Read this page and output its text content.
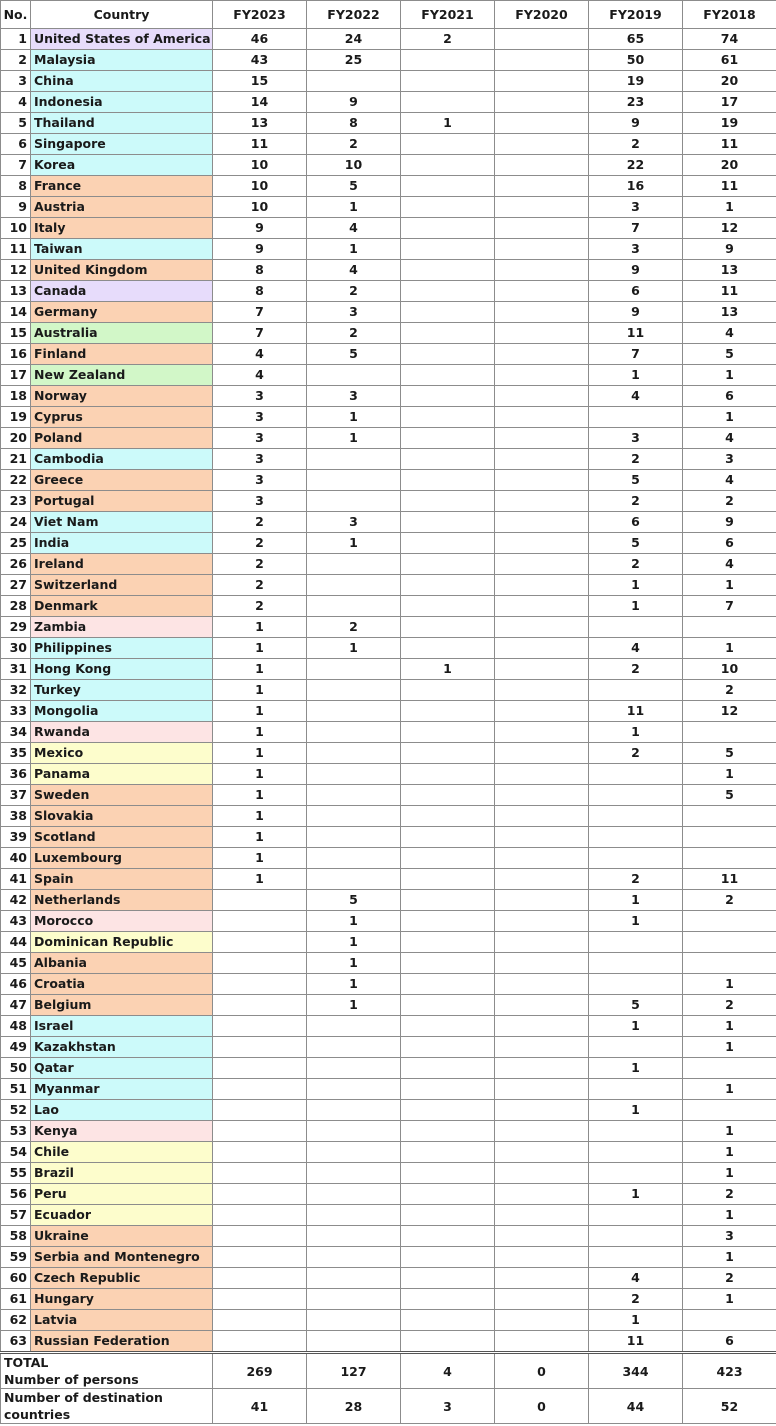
No.	Country	FY2023	FY2022	FY2021	FY2020	FY2019	FY2018
1	United States of America	46	24	2		65	74
2	Malaysia	43	25			50	61
3	China	15				19	20
4	Indonesia	14	9			23	17
5	Thailand	13	8	1		9	19
6	Singapore	11	2			2	11
7	Korea	10	10			22	20
8	France	10	5			16	11
9	Austria	10	1			3	1
10	Italy	9	4			7	12
11	Taiwan	9	1			3	9
12	United Kingdom	8	4			9	13
13	Canada	8	2			6	11
14	Germany	7	3			9	13
15	Australia	7	2			11	4
16	Finland	4	5			7	5
17	New Zealand	4				1	1
18	Norway	3	3			4	6
19	Cyprus	3	1				1
20	Poland	3	1			3	4
21	Cambodia	3				2	3
22	Greece	3				5	4
23	Portugal	3				2	2
24	Viet Nam	2	3			6	9
25	India	2	1			5	6
26	Ireland	2				2	4
27	Switzerland	2				1	1
28	Denmark	2				1	7
29	Zambia	1	2				
30	Philippines	1	1			4	1
31	Hong Kong	1		1		2	10
32	Turkey	1					2
33	Mongolia	1				11	12
34	Rwanda	1				1	
35	Mexico	1				2	5
36	Panama	1					1
37	Sweden	1					5
38	Slovakia	1					
39	Scotland	1					
40	Luxembourg	1					
41	Spain	1				2	11
42	Netherlands		5			1	2
43	Morocco		1			1	
44	Dominican Republic		1				
45	Albania		1				
46	Croatia		1				1
47	Belgium		1			5	2
48	Israel					1	1
49	Kazakhstan						1
50	Qatar					1	
51	Myanmar						1
52	Lao					1	
53	Kenya						1
54	Chile						1
55	Brazil						1
56	Peru					1	2
57	Ecuador						1
58	Ukraine						3
59	Serbia and Montenegro						1
60	Czech Republic					4	2
61	Hungary					2	1
62	Latvia					1	
63	Russian Federation					11	6
TOTAL
Number of persons		269	127	4	0	344	423
Number of destination
countries		41	28	3	0	44	52
